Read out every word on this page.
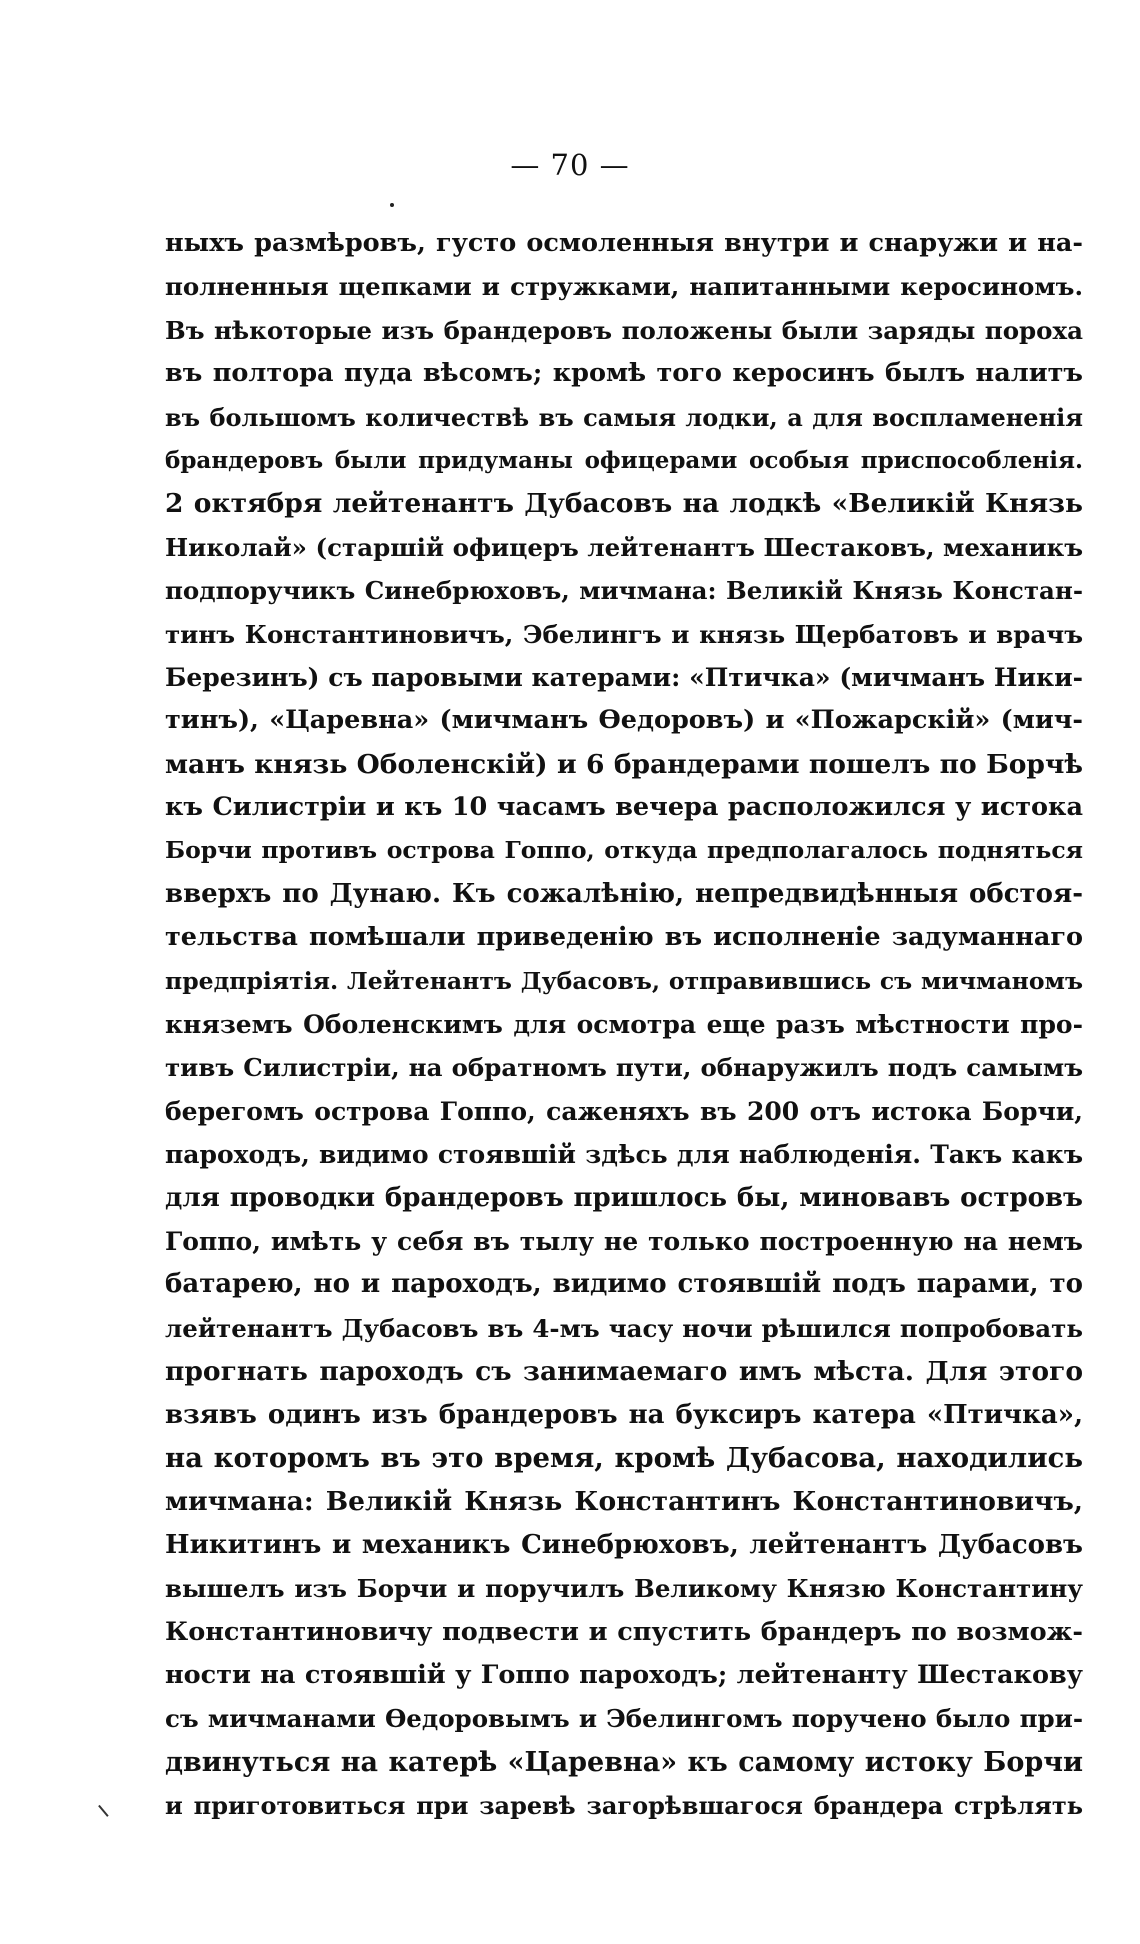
— 70 —
ныхъ размѣровъ, густо осмоленныя внутри и снаружи и на-
полненныя щепками и стружками, напитанными керосиномъ.
Въ нѣкоторые изъ брандеровъ положены были заряды пороха
въ полтора пуда вѣсомъ; кромѣ того керосинъ былъ налитъ
въ большомъ количествѣ въ самыя лодки, а для воспламененія
брандеровъ были придуманы офицерами особыя приспособленія.
2 октября лейтенантъ Дубасовъ на лодкѣ «Великій Князь
Николай» (старшій офицеръ лейтенантъ Шестаковъ, механикъ
подпоручикъ Синебрюховъ, мичмана: Великій Князь Констан-
тинъ Константиновичъ, Эбелингъ и князь Щербатовъ и врачъ
Березинъ) съ паровыми катерами: «Птичка» (мичманъ Ники-
тинъ), «Царевна» (мичманъ Ѳедоровъ) и «Пожарскій» (мич-
манъ князь Оболенскій) и 6 брандерами пошелъ по Борчѣ
къ Силистріи и къ 10 часамъ вечера расположился у истока
Борчи противъ острова Гоппо, откуда предполагалось подняться
вверхъ по Дунаю. Къ сожалѣнію, непредвидѣнныя обстоя-
тельства помѣшали приведенію въ исполненіе задуманнаго
предпріятія. Лейтенантъ Дубасовъ, отправившись съ мичманомъ
княземъ Оболенскимъ для осмотра еще разъ мѣстности про-
тивъ Силистріи, на обратномъ пути, обнаружилъ подъ самымъ
берегомъ острова Гоппо, саженяхъ въ 200 отъ истока Борчи,
пароходъ, видимо стоявшій здѣсь для наблюденія. Такъ какъ
для проводки брандеровъ пришлось бы, миновавъ островъ
Гоппо, имѣть у себя въ тылу не только построенную на немъ
батарею, но и пароходъ, видимо стоявшій подъ парами, то
лейтенантъ Дубасовъ въ 4-мъ часу ночи рѣшился попробовать
прогнать пароходъ съ занимаемаго имъ мѣста. Для этого
взявъ одинъ изъ брандеровъ на буксиръ катера «Птичка»,
на которомъ въ это время, кромѣ Дубасова, находились
мичмана: Великій Князь Константинъ Константиновичъ,
Никитинъ и механикъ Синебрюховъ, лейтенантъ Дубасовъ
вышелъ изъ Борчи и поручилъ Великому Князю Константину
Константиновичу подвести и спустить брандеръ по возмож-
ности на стоявшій у Гоппо пароходъ; лейтенанту Шестакову
съ мичманами Ѳедоровымъ и Эбелингомъ поручено было при-
двинуться на катерѣ «Царевна» къ самому истоку Борчи
и приготовиться при заревѣ загорѣвшагося брандера стрѣлять
